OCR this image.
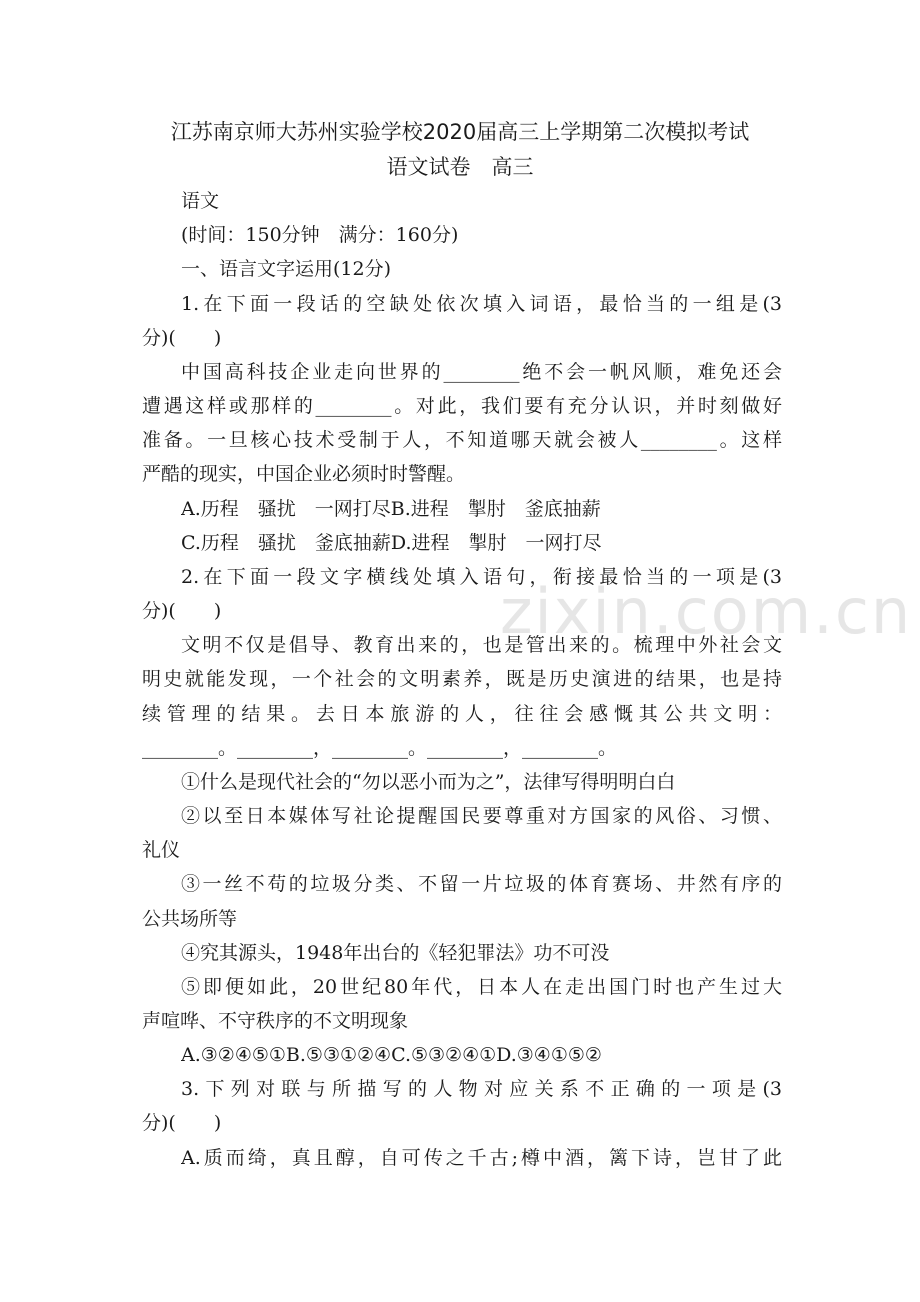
zixin.com.cn
江苏南京师大苏州实验学校2020届高三上学期第二次模拟考试
语文试卷　高三
语文
(时间：150分钟　满分：160分)
一、语言文字运用(12分)
1.在下面一段话的空缺处依次填入词语，最恰当的一组是(3
分)(　　)
中国高科技企业走向世界的________绝不会一帆风顺，难免还会
遭遇这样或那样的________。对此，我们要有充分认识，并时刻做好
准备。一旦核心技术受制于人，不知道哪天就会被人________。这样
严酷的现实，中国企业必须时时警醒。
A.历程　骚扰　一网打尽B.进程　掣肘　釜底抽薪
C.历程　骚扰　釜底抽薪D.进程　掣肘　一网打尽
2.在下面一段文字横线处填入语句，衔接最恰当的一项是(3
分)(　　)
文明不仅是倡导、教育出来的，也是管出来的。梳理中外社会文
明史就能发现，一个社会的文明素养，既是历史演进的结果，也是持
续管理的结果。去日本旅游的人，往往会感慨其公共文明：
________。________，________。________，________。
①什么是现代社会的“勿以恶小而为之”，法律写得明明白白
②以至日本媒体写社论提醒国民要尊重对方国家的风俗、习惯、
礼仪
③一丝不苟的垃圾分类、不留一片垃圾的体育赛场、井然有序的
公共场所等
④究其源头，1948年出台的《轻犯罪法》功不可没
⑤即便如此，20世纪80年代，日本人在走出国门时也产生过大
声喧哗、不守秩序的不文明现象
A.③②④⑤①B.⑤③①②④C.⑤③②④①D.③④①⑤②
3.下列对联与所描写的人物对应关系不正确的一项是(3
分)(　　)
A.质而绮，真且醇，自可传之千古;樽中酒，篱下诗，岂甘了此
